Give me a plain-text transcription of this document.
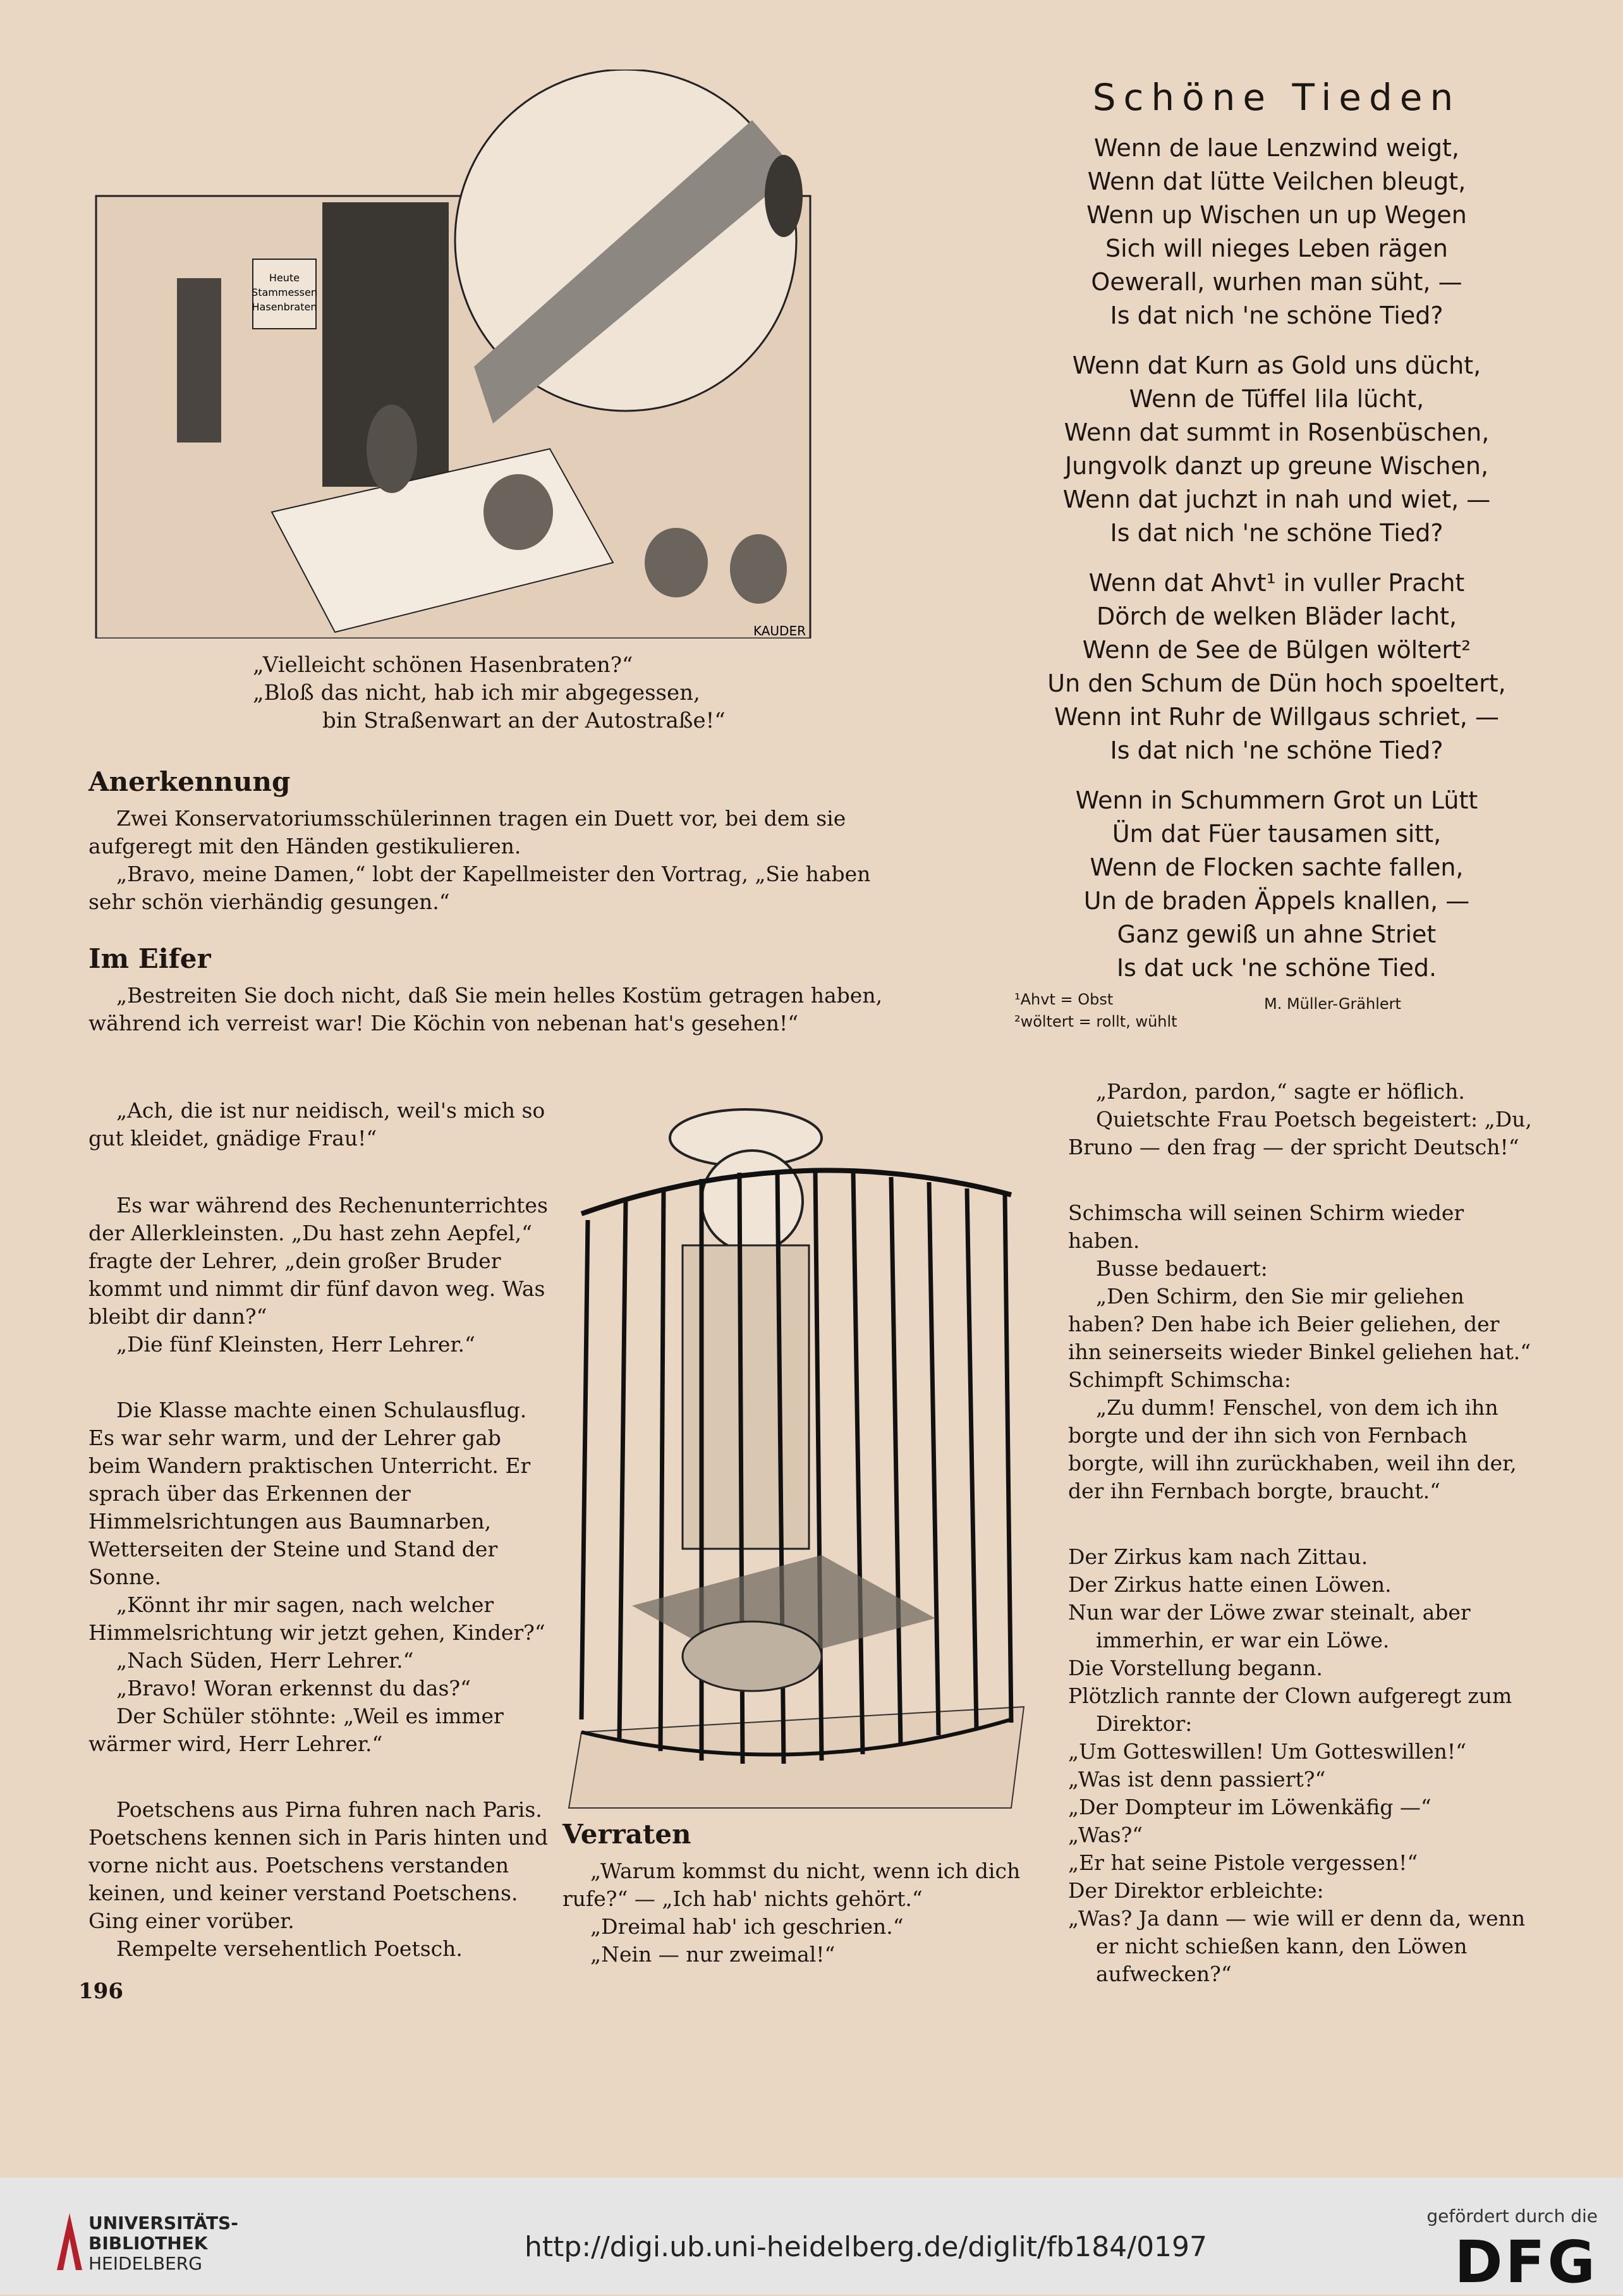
Heute
Stammessen
Hasenbraten
KAUDER
„Vielleicht schönen Hasenbraten?“
„Bloß das nicht, hab ich mir abgegessen,
bin Straßenwart an der Autostraße!“
Schöne Tieden
Wenn de laue Lenzwind weigt,
Wenn dat lütte Veilchen bleugt,
Wenn up Wischen un up Wegen
Sich will nieges Leben rägen
Oewerall, wurhen man süht, —
Is dat nich 'ne schöne Tied?
Wenn dat Kurn as Gold uns dücht,
Wenn de Tüffel lila lücht,
Wenn dat summt in Rosenbüschen,
Jungvolk danzt up greune Wischen,
Wenn dat juchzt in nah und wiet, —
Is dat nich 'ne schöne Tied?
Wenn dat Ahvt¹ in vuller Pracht
Dörch de welken Bläder lacht,
Wenn de See de Bülgen wöltert²
Un den Schum de Dün hoch spoeltert,
Wenn int Ruhr de Willgaus schriet, —
Is dat nich 'ne schöne Tied?
Wenn in Schummern Grot un Lütt
Üm dat Füer tausamen sitt,
Wenn de Flocken sachte fallen,
Un de braden Äppels knallen, —
Ganz gewiß un ahne Striet
Is dat uck 'ne schöne Tied.
¹Ahvt = Obst
²wöltert = rollt, wühlt
M. Müller-Grählert
Anerkennung

Zwei Konservatoriumsschülerinnen tragen ein Duett vor, bei dem sie aufgeregt mit den Händen gestikulieren.

„Bravo, meine Damen,“ lobt der Kapellmeister den Vortrag, „Sie haben sehr schön vierhändig gesungen.“

Im Eifer

„Bestreiten Sie doch nicht, daß Sie mein helles Kostüm getragen haben, während ich verreist war! Die Köchin von nebenan hat's gesehen!“

„Ach, die ist nur neidisch, weil's mich so gut kleidet, gnädige Frau!“

Es war während des Rechenunterrichtes der Allerkleinsten. „Du hast zehn Aepfel,“ fragte der Lehrer, „dein großer Bruder kommt und nimmt dir fünf davon weg. Was bleibt dir dann?“

„Die fünf Kleinsten, Herr Lehrer.“

Die Klasse machte einen Schulausflug. Es war sehr warm, und der Lehrer gab beim Wandern praktischen Unterricht. Er sprach über das Erkennen der Himmelsrichtungen aus Baumnarben, Wetterseiten der Steine und Stand der Sonne.

„Könnt ihr mir sagen, nach welcher Himmelsrichtung wir jetzt gehen, Kinder?“

„Nach Süden, Herr Lehrer.“

„Bravo! Woran erkennst du das?“

Der Schüler stöhnte: „Weil es immer wärmer wird, Herr Lehrer.“

Poetschens aus Pirna fuhren nach Paris. Poetschens kennen sich in Paris hinten und vorne nicht aus. Poetschens verstanden keinen, und keiner verstand Poetschens. Ging einer vorüber.

Rempelte versehentlich Poetsch.

Verraten

„Warum kommst du nicht, wenn ich dich rufe?“ — „Ich hab' nichts gehört.“

„Dreimal hab' ich geschrien.“

„Nein — nur zweimal!“

„Pardon, pardon,“ sagte er höflich.

Quietschte Frau Poetsch begeistert: „Du, Bruno — den frag — der spricht Deutsch!“

Schimscha will seinen Schirm wieder haben.

Busse bedauert:

„Den Schirm, den Sie mir geliehen haben? Den habe ich Beier geliehen, der ihn seinerseits wieder Binkel geliehen hat.“ Schimpft Schimscha:

„Zu dumm! Fenschel, von dem ich ihn borgte und der ihn sich von Fernbach borgte, will ihn zurückhaben, weil ihn der, der ihn Fernbach borgte, braucht.“

Der Zirkus kam nach Zittau.

Der Zirkus hatte einen Löwen.

Nun war der Löwe zwar steinalt, aber immerhin, er war ein Löwe.

Die Vorstellung begann.

Plötzlich rannte der Clown aufgeregt zum Direktor:

„Um Gotteswillen! Um Gotteswillen!“

„Was ist denn passiert?“

„Der Dompteur im Löwenkäfig —“

„Was?“

„Er hat seine Pistole vergessen!“

Der Direktor erbleichte:

„Was? Ja dann — wie will er denn da, wenn er nicht schießen kann, den Löwen aufwecken?“

196
UNIVERSITÄTS-
BIBLIOTHEK
HEIDELBERG
http://digi.ub.uni-heidelberg.de/diglit/fb184/0197
gefördert durch die
DFG
